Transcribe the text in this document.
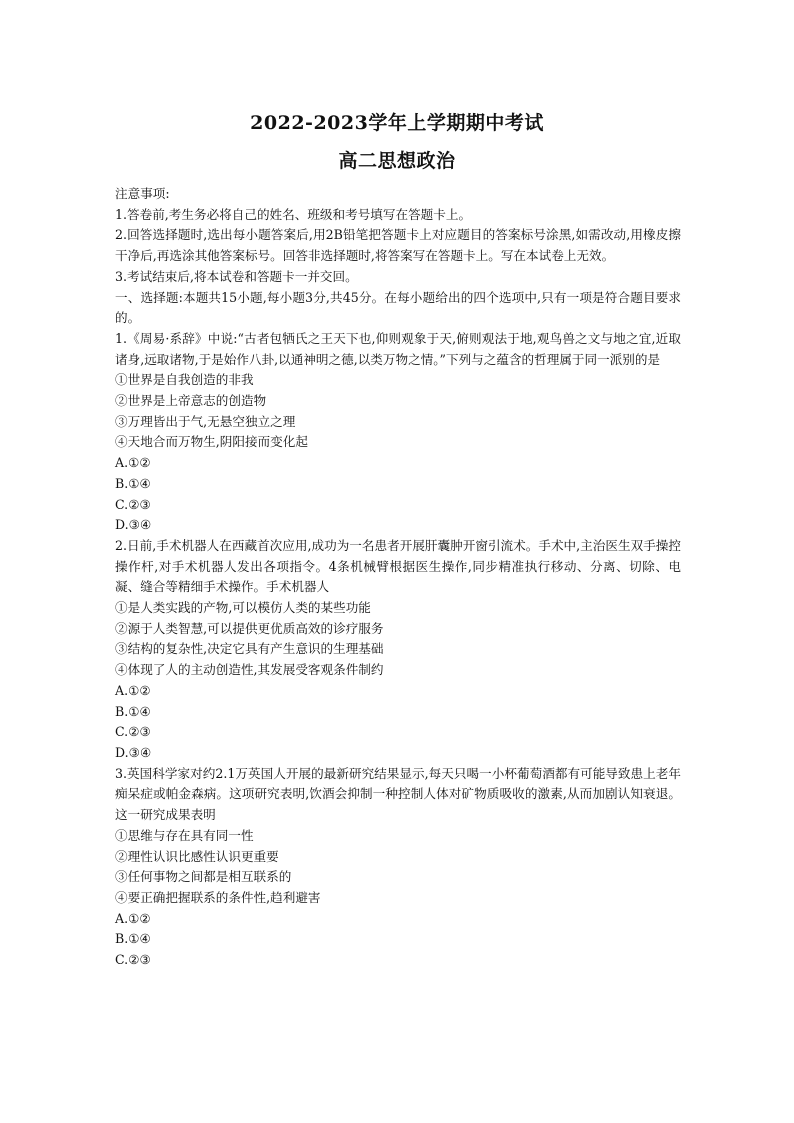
2022-2023学年上学期期中考试
高二思想政治

注意事项:

1.答卷前,考生务必将自己的姓名、班级和考号填写在答题卡上。

2.回答选择题时,选出每小题答案后,用2B铅笔把答题卡上对应题目的答案标号涂黑,如需改动,用橡皮擦干净后,再选涂其他答案标号。回答非选择题时,将答案写在答题卡上。写在本试卷上无效。

3.考试结束后,将本试卷和答题卡一并交回。

一、选择题:本题共15小题,每小题3分,共45分。在每小题给出的四个选项中,只有一项是符合题目要求的。

1.《周易·系辞》中说:“古者包牺氏之王天下也,仰则观象于天,俯则观法于地,观鸟兽之文与地之宜,近取诸身,远取诸物,于是始作八卦,以通神明之德,以类万物之情。”下列与之蕴含的哲理属于同一派别的是

①世界是自我创造的非我

②世界是上帝意志的创造物

③万理皆出于气,无悬空独立之理

④天地合而万物生,阴阳接而变化起

A.①②

B.①④

C.②③

D.③④

2.日前,手术机器人在西藏首次应用,成功为一名患者开展肝囊肿开窗引流术。手术中,主治医生双手操控操作杆,对手术机器人发出各项指令。4条机械臂根据医生操作,同步精准执行移动、分离、切除、电凝、缝合等精细手术操作。手术机器人

①是人类实践的产物,可以模仿人类的某些功能

②源于人类智慧,可以提供更优质高效的诊疗服务

③结构的复杂性,决定它具有产生意识的生理基础

④体现了人的主动创造性,其发展受客观条件制约

A.①②

B.①④

C.②③

D.③④

3.英国科学家对约2.1万英国人开展的最新研究结果显示,每天只喝一小杯葡萄酒都有可能导致患上老年痴呆症或帕金森病。这项研究表明,饮酒会抑制一种控制人体对矿物质吸收的激素,从而加剧认知衰退。这一研究成果表明

①思维与存在具有同一性

②理性认识比感性认识更重要

③任何事物之间都是相互联系的

④要正确把握联系的条件性,趋利避害

A.①②

B.①④

C.②③
